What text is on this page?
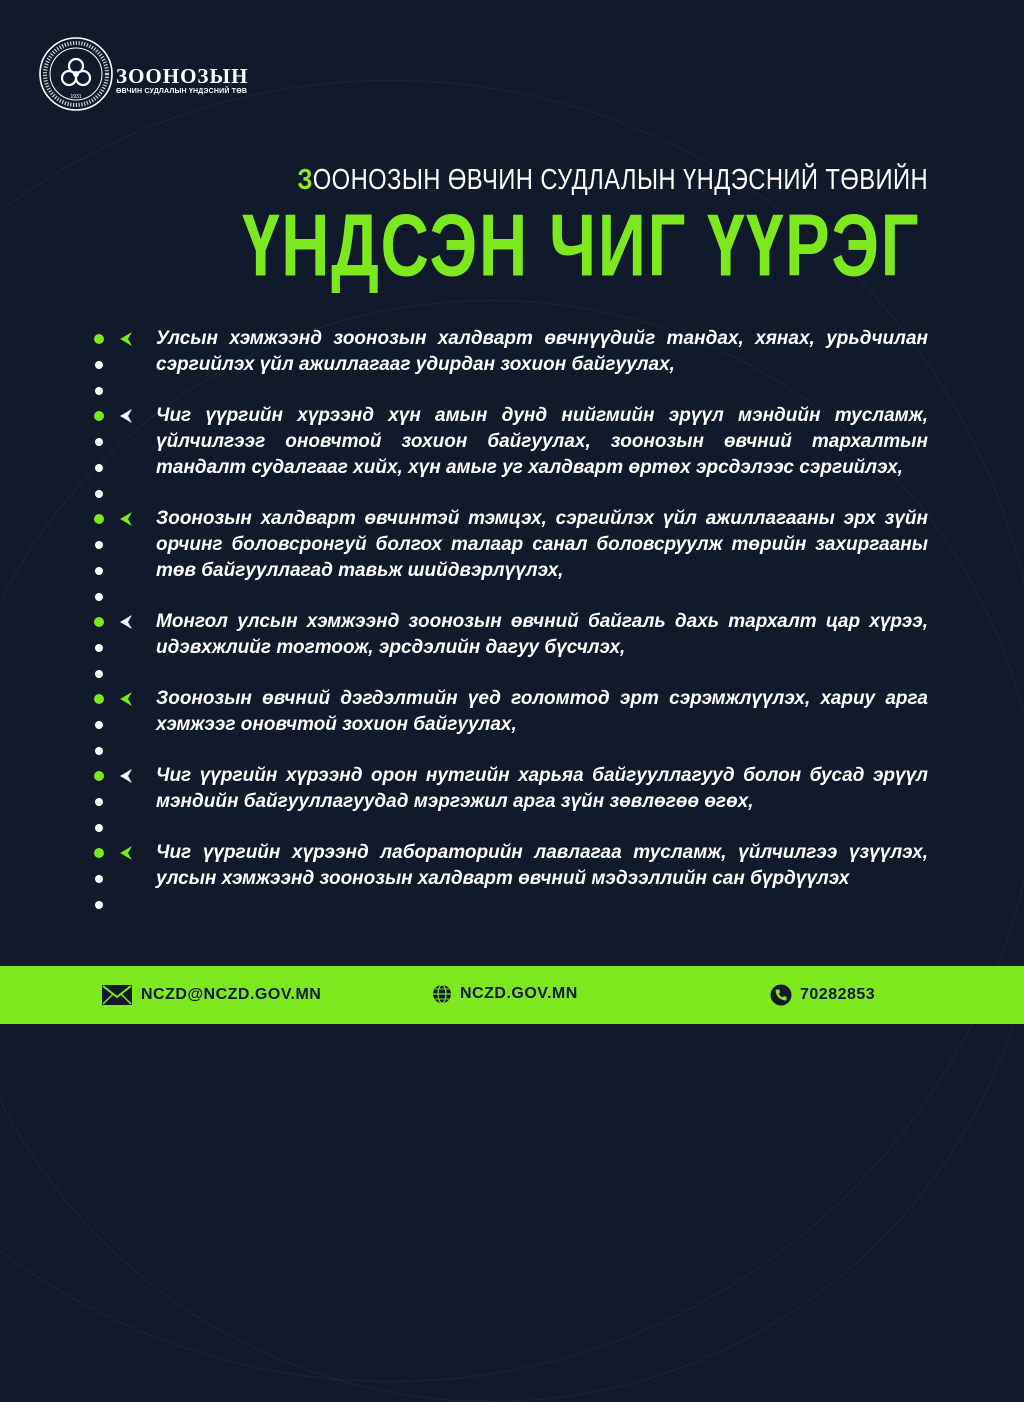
1931
ЗООНОЗЫН
ӨВЧИН СУДЛАЛЫН ҮНДЭСНИЙ ТӨВ
ЗООНОЗЫН ӨВЧИН СУДЛАЛЫН ҮНДЭСНИЙ ТӨВИЙН
ҮНДСЭН ЧИГ ҮҮРЭГ
Улсын хэмжээнд зоонозын халдварт өвчнүүдийг тандах, хянах, урьдчилан сэргийлэх үйл ажиллагааг удирдан зохион байгуулах,
Чиг үүргийн хүрээнд хүн амын дунд нийгмийн эрүүл мэндийн тусламж, үйлчилгээг оновчтой зохион байгуулах, зоонозын өвчний тархалтын тандалт судалгааг хийх, хүн амыг уг халдварт өртөх эрсдэлээс сэргийлэх,
Зоонозын халдварт өвчинтэй тэмцэх, сэргийлэх үйл ажиллагааны эрх зүйн орчинг боловсронгуй болгох талаар санал боловсруулж төрийн захиргааны төв байгууллагад тавьж шийдвэрлүүлэх,
Монгол улсын хэмжээнд зоонозын өвчний байгаль дахь тархалт цар хүрээ, идэвхжлийг тогтоож, эрсдэлийн дагуу бүсчлэх,
Зоонозын өвчний дэгдэлтийн үед голомтод эрт сэрэмжлүүлэх, хариу арга хэмжээг оновчтой зохион байгуулах,
Чиг үүргийн хүрээнд орон нутгийн харьяа байгууллагууд болон бусад эрүүл мэндийн байгууллагуудад мэргэжил арга зүйн зөвлөгөө өгөх,
Чиг үүргийн хүрээнд лабораторийн лавлагаа тусламж, үйлчилгээ үзүүлэх, улсын хэмжээнд зоонозын халдварт өвчний мэдээллийн сан бүрдүүлэх
NCZD@NCZD.GOV.MN	NCZD.GOV.MN	70282853
